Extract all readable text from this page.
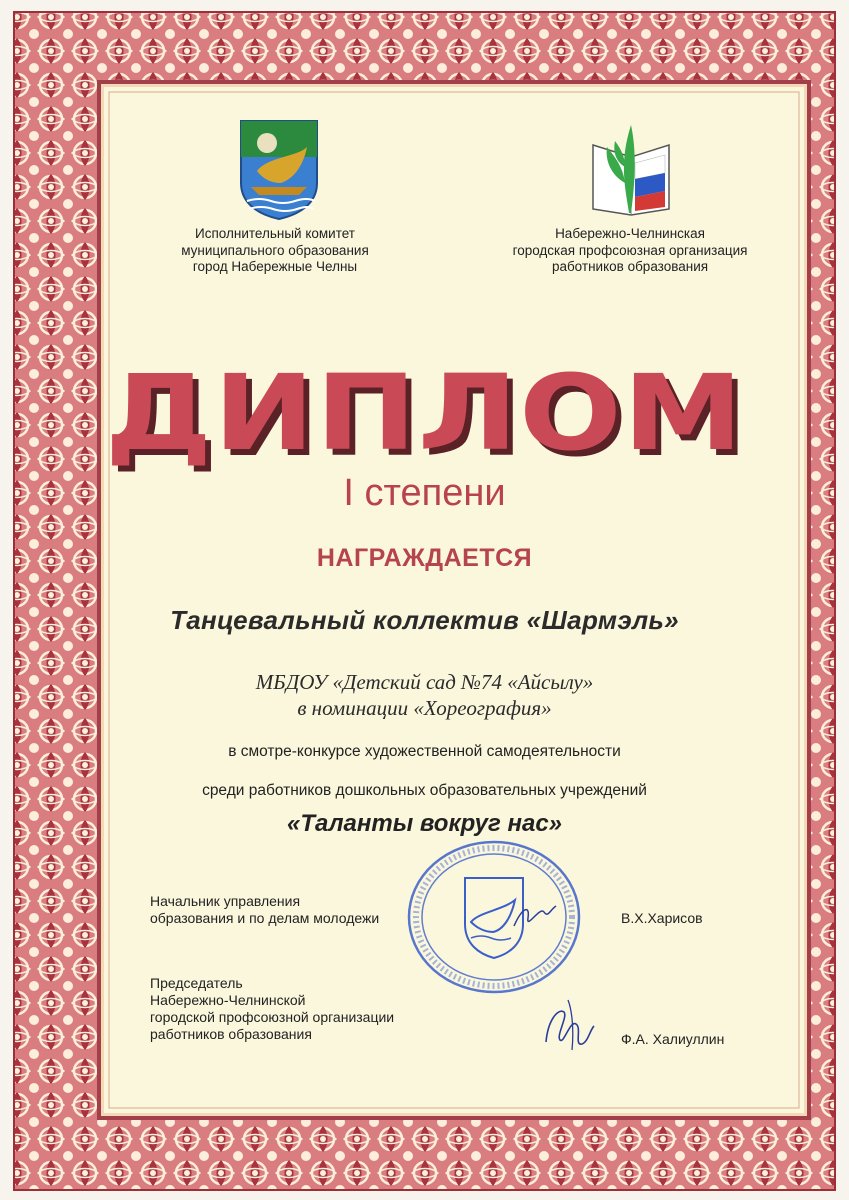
Исполнительный комитет
муниципального образования
город Набережные Челны
Набережно-Челнинская
городская профсоюзная организация
работников образования
ДИПЛОМ
I степени
НАГРАЖДАЕТСЯ
Танцевальный коллектив «Шармэль»
МБДОУ «Детский сад №74 «Айсылу»
в номинации «Хореография»
в смотре-конкурсе художественной самодеятельности
среди работников дошкольных образовательных учреждений
«Таланты вокруг нас»
Начальник управления
образования и по делам молодежи	В.Х.Харисов
Председатель
Набережно-Челнинской
городской профсоюзной организации
работников образования	Ф.А. Халиуллин
